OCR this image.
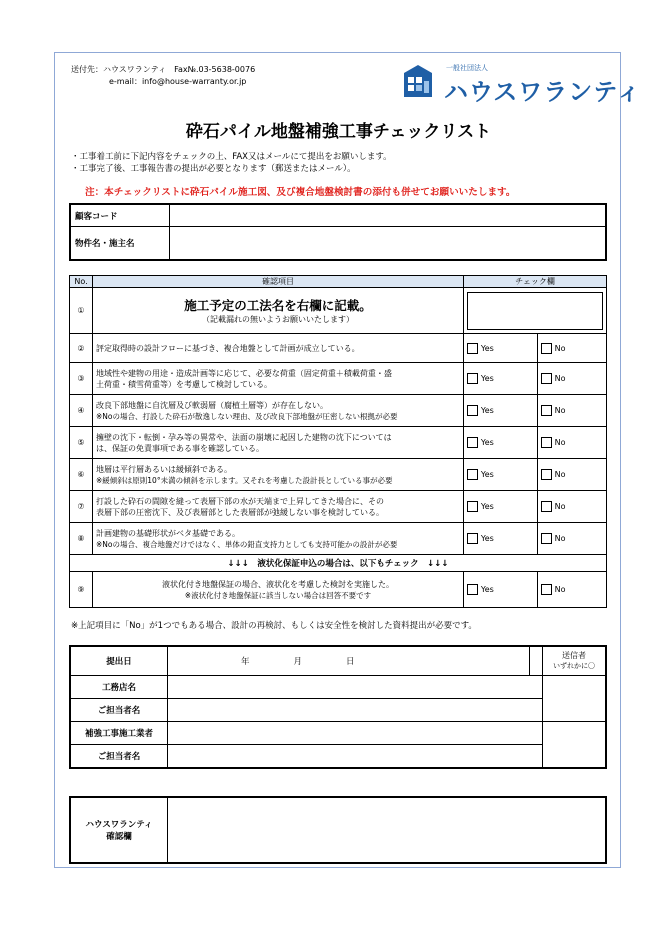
送付先：ハウスワランティ　Fax№.03-5638-0076
e-mail：info@house-warranty.or.jp
一般社団法人
ハウスワランティ
砕石パイル地盤補強工事チェックリスト
・工事着工前に下記内容をチェックの上、FAX又はメールにて提出をお願いします。
・工事完了後、工事報告書の提出が必要となります（郵送またはメール）。
注：本チェックリストに砕石パイル施工図、及び複合地盤検討書の添付も併せてお願いいたします。
顧客コード	
物件名・施主名	
No.	確認項目	チェック欄	
①	施工予定の工法名を右欄に記載。
（記載漏れの無いようお願いいたします）		

②	評定取得時の設計フローに基づき、複合地盤として計画が成立している。	Yes	No
③	地域性や建物の用途・造成計画等に応じて、必要な荷重（固定荷重＋積載荷重・盛
土荷重・積雪荷重等）を考慮して検討している。	Yes	No
④	改良下部地盤に自沈層及び軟弱層（腐植土層等）が存在しない。
※Noの場合、打設した砕石が散逸しない理由、及び改良下部地盤が圧密しない根拠が必要	Yes	No
⑤	擁壁の沈下・転倒・孕み等の異常や、法面の崩壊に起因した建物の沈下については
は、保証の免責事項である事を確認している。	Yes	No
⑥	地層は平行層あるいは緩傾斜である。
※緩傾斜は原則10°未満の傾斜を示します。又それを考慮した設計長としている事が必要	Yes	No
⑦	打設した砕石の間隙を縫って表層下部の水が天端まで上昇してきた場合に、その
表層下部の圧密沈下、及び表層部とした表層部が弛緩しない事を検討している。	Yes	No
⑧	計画建物の基礎形状がベタ基礎である。
※Noの場合、複合地盤だけではなく、単体の鉛直支持力としても支持可能かの設計が必要	Yes	No
↓↓↓　液状化保証申込の場合は、以下もチェック　↓↓↓			
⑨	液状化付き地盤保証の場合、液状化を考慮した検討を実施した。
※液状化付き地盤保証に該当しない場合は回答不要です	Yes	No
※上記項目に「No」が1つでもある場合、設計の再検討、もしくは安全性を検討した資料提出が必要です。
提出日	年 月 日		送信者
いずれかに〇

工務店名			
ご担当者名			
補強工事施工業者			
ご担当者名			
ハウスワランティ
確認欄	
